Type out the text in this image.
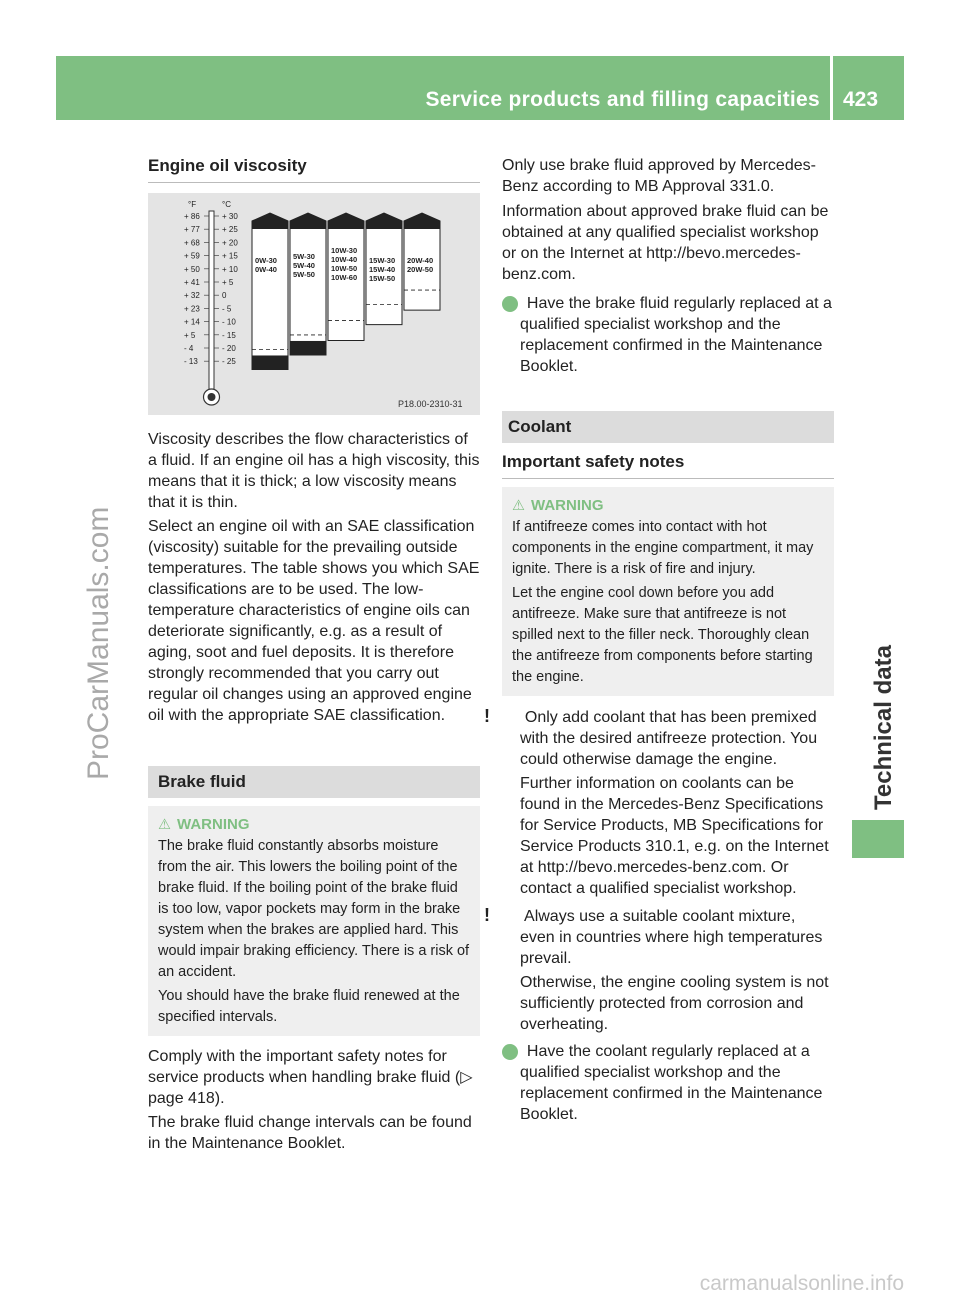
Service products and filling capacities 423
Technical data
ProCarManuals.com
carmanualsonline.info
Engine oil viscosity
°F	°C
+ 86
+ 77
+ 68
+ 59
+ 50
+ 41
+ 32
+ 23
+ 14
+ 5
- 4
- 13
+ 30
+ 25
+ 20
+ 15
+ 10
+ 5
0
- 5
- 10
- 15
- 20
- 25
0W-30
0W-40
5W-30
5W-40
5W-50
10W-30
10W-40
10W-50
10W-60
15W-30
15W-40
15W-50
20W-40
20W-50
P18.00-2310-31

Viscosity describes the flow characteristics of a fluid. If an engine oil has a high viscosity, this means that it is thick; a low viscosity means that it is thin.

Select an engine oil with an SAE classification (viscosity) suitable for the prevailing outside temperatures. The table shows you which SAE classifications are to be used. The low-temperature characteristics of engine oils can deteriorate significantly, e.g. as a result of aging, soot and fuel deposits. It is therefore strongly recommended that you carry out regular oil changes using an approved engine oil with the appropriate SAE classification.

Brake fluid
⚠ WARNING

The brake fluid constantly absorbs moisture from the air. This lowers the boiling point of the brake fluid. If the boiling point of the brake fluid is too low, vapor pockets may form in the brake system when the brakes are applied hard. This would impair braking efficiency. There is a risk of an accident.

You should have the brake fluid renewed at the specified intervals.

Comply with the important safety notes for service products when handling brake fluid (▷ page 418).

The brake fluid change intervals can be found in the Maintenance Booklet.

Only use brake fluid approved by Mercedes-Benz according to MB Approval 331.0.

Information about approved brake fluid can be obtained at any qualified specialist workshop or on the Internet at http://bevo.mercedes-benz.com.

i Have the brake fluid regularly replaced at a qualified specialist workshop and the replacement confirmed in the Maintenance Booklet.

Coolant
Important safety notes
⚠ WARNING

If antifreeze comes into contact with hot components in the engine compartment, it may ignite. There is a risk of fire and injury.

Let the engine cool down before you add antifreeze. Make sure that antifreeze is not spilled next to the filler neck. Thoroughly clean the antifreeze from components before starting the engine.

! Only add coolant that has been premixed with the desired antifreeze protection. You could otherwise damage the engine.

Further information on coolants can be found in the Mercedes-Benz Specifications for Service Products, MB Specifications for Service Products 310.1, e.g. on the Internet at http://bevo.mercedes-benz.com. Or contact a qualified specialist workshop.

! Always use a suitable coolant mixture, even in countries where high temperatures prevail.

Otherwise, the engine cooling system is not sufficiently protected from corrosion and overheating.

i Have the coolant regularly replaced at a qualified specialist workshop and the replacement confirmed in the Maintenance Booklet.
